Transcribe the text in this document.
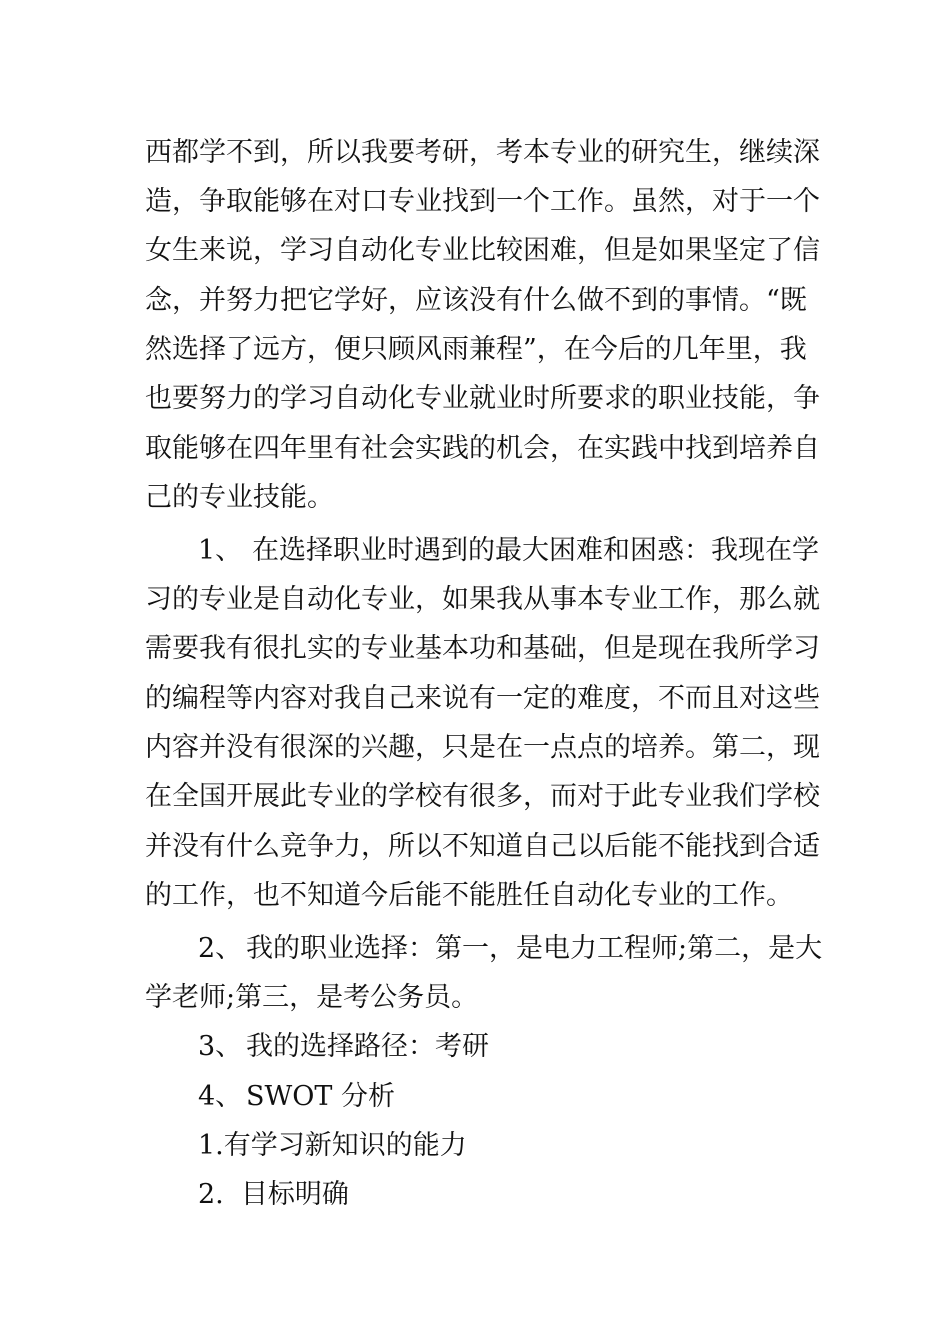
西都学不到，所以我要考研，考本专业的研究生，继续深

造，争取能够在对口专业找到一个工作。虽然，对于一个

女生来说，学习自动化专业比较困难，但是如果坚定了信

念，并努力把它学好，应该没有什么做不到的事情。“既

然选择了远方，便只顾风雨兼程”，在今后的几年里，我

也要努力的学习自动化专业就业时所要求的职业技能，争

取能够在四年里有社会实践的机会，在实践中找到培养自

己的专业技能。

1、

在选择职业时遇到的最大困难和困惑：我现在学

习的专业是自动化专业，如果我从事本专业工作，那么就

需要我有很扎实的专业基本功和基础，但是现在我所学习

的编程等内容对我自己来说有一定的难度，不而且对这些

内容并没有很深的兴趣，只是在一点点的培养。第二，现

在全国开展此专业的学校有很多，而对于此专业我们学校

并没有什么竞争力，所以不知道自己以后能不能找到合适

的工作，也不知道今后能不能胜任自动化专业的工作。

2、

我的职业选择：第一，是电力工程师;第二，是大

学老师;第三，是考公务员。

3、

我的选择路径：考研

4、

SWOT 分析

1.有学习新知识的能力

2.  目标明确
